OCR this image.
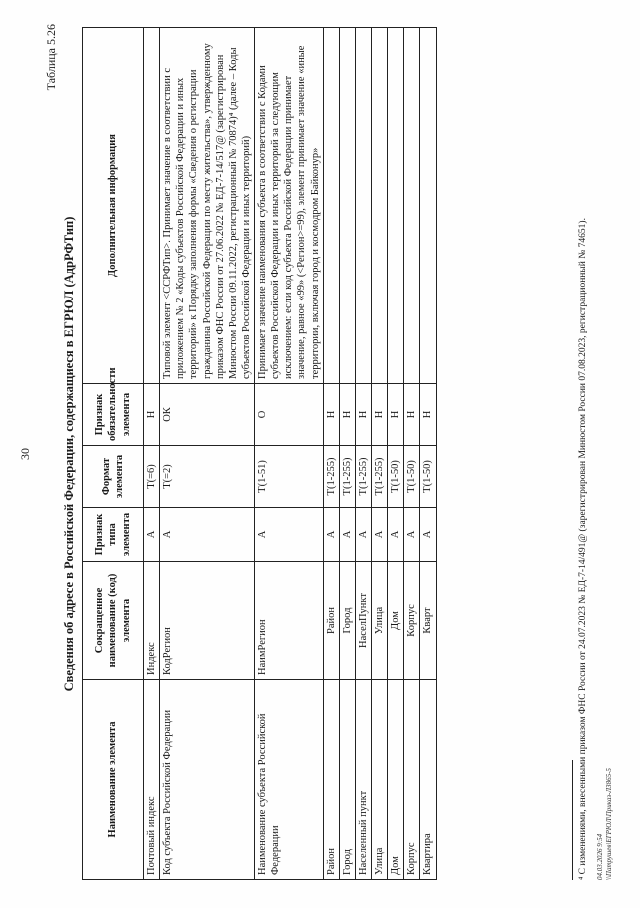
30
Таблица 5.26
Сведения об адресе в Российской Федерации, содержащиеся в ЕГРЮЛ (АдрРФТип)
Наименование элемента	Сокращенное наименование (код) элемента	Признак типа элемента	Формат элемента	Признак обязательности элемента	Дополнительная информация
Почтовый индекс	Индекс	А	Т(=6)	Н	
Код субъекта Российской Федерации	КодРегион	А	Т(=2)	ОК	Типовой элемент <ССРФТип>. Принимает значение в соответствии с приложением № 2 «Коды субъектов Российской Федерации и иных территорий» к Порядку заполнения формы «Сведения о регистрации гражданина Российской Федерации по месту жительства», утвержденному приказом ФНС России от 27.06.2022 № ЕД-7-14/517@ (зарегистрирован Минюстом России 09.11.2022, регистрационный № 70874)⁴ (далее – Коды субъектов Российской Федерации и иных территорий)
Наименование субъекта Российской Федерации	НаимРегион	А	Т(1-51)	О	Принимает значение наименования субъекта в соответствии с Кодами субъектов Российской Федерации и иных территорий за следующим исключением: если код субъекта Российской Федерации принимает значение, равное «99» (<Регион>=99), элемент принимает значение «иные территории, включая город и космодром Байконур»
Район	Район	А	Т(1-255)	Н	
Город	Город	А	Т(1-255)	Н	
Населенный пункт	НаселПункт	А	Т(1-255)	Н	
Улица	Улица	А	Т(1-255)	Н	
Дом	Дом	А	Т(1-50)	Н	
Корпус	Корпус	А	Т(1-50)	Н	
Квартира	Кварт	А	Т(1-50)	Н		⁴ С изменениями, внесенными приказом ФНС России от 24.07.2023 № ЕД-7-14/491@ (зарегистрирован Минюстом России 07.08.2023, регистрационный № 74651). 04.03.2026 9:54 \\Патрушев\ЕГРЮЛ\Приказ-ЛЗ865-5
